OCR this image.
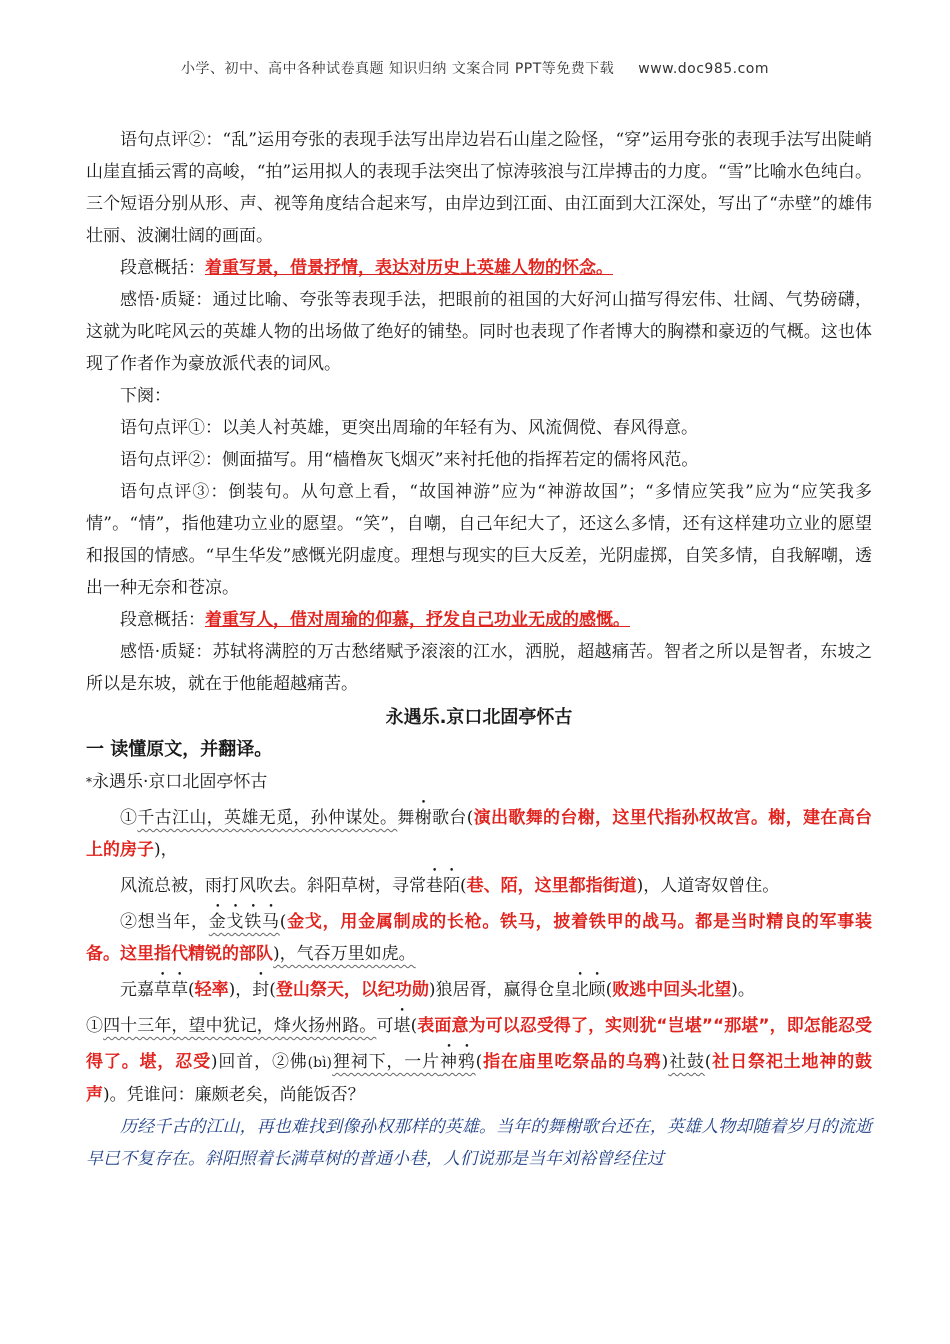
小学、初中、高中各种试卷真题 知识归纳 文案合同 PPT等免费下载 www.doc985.com

语句点评②：“乱”运用夸张的表现手法写出岸边岩石山崖之险怪，“穿”运用夸张的表现手法写出陡峭山崖直插云霄的高峻，“拍”运用拟人的表现手法突出了惊涛骇浪与江岸搏击的力度。“雪”比喻水色纯白。三个短语分别从形、声、视等角度结合起来写，由岸边到江面、由江面到大江深处，写出了“赤壁”的雄伟壮丽、波澜壮阔的画面。

段意概括：着重写景，借景抒情，表达对历史上英雄人物的怀念。

感悟·质疑：通过比喻、夸张等表现手法，把眼前的祖国的大好河山描写得宏伟、壮阔、气势磅礴，这就为叱咤风云的英雄人物的出场做了绝好的铺垫。同时也表现了作者博大的胸襟和豪迈的气概。这也体现了作者作为豪放派代表的词风。

下阕：

语句点评①：以美人衬英雄，更突出周瑜的年轻有为、风流倜傥、春风得意。

语句点评②：侧面描写。用“樯橹灰飞烟灭”来衬托他的指挥若定的儒将风范。

语句点评③：倒装句。从句意上看，“故国神游”应为“神游故国”；“多情应笑我”应为“应笑我多情”。“情”，指他建功立业的愿望。“笑”，自嘲，自己年纪大了，还这么多情，还有这样建功立业的愿望和报国的情感。“早生华发”感慨光阴虚度。理想与现实的巨大反差，光阴虚掷，自笑多情，自我解嘲，透出一种无奈和苍凉。

段意概括：着重写人，借对周瑜的仰慕，抒发自己功业无成的感慨。

感悟·质疑：苏轼将满腔的万古愁绪赋予滚滚的江水，洒脱，超越痛苦。智者之所以是智者，东坡之所以是东坡，就在于他能超越痛苦。

永遇乐.京口北固亭怀古

一 读懂原文，并翻译。

*永遇乐·京口北固亭怀古

①千古江山，英雄无觅，孙仲谋处。舞榭歌台(演出歌舞的台榭，这里代指孙权故宫。榭，建在高台上的房子)，

风流总被，雨打风吹去。斜阳草树，寻常巷陌(巷、陌，这里都指街道)，人道寄奴曾住。

②想当年，金戈铁马(金戈，用金属制成的长枪。铁马，披着铁甲的战马。都是当时精良的军事装备。这里指代精锐的部队)，气吞万里如虎。

元嘉草草(轻率)，封(登山祭天，以纪功勋)狼居胥，赢得仓皇北顾(败逃中回头北望)。

①四十三年，望中犹记，烽火扬州路。可堪(表面意为可以忍受得了，实则犹“岂堪”“那堪”，即怎能忍受得了。堪，忍受)回首，②佛(bì)狸祠下，一片神鸦(指在庙里吃祭品的乌鸦)社鼓(社日祭祀土地神的鼓声)。凭谁问：廉颇老矣，尚能饭否？

历经千古的江山，再也难找到像孙权那样的英雄。当年的舞榭歌台还在，英雄人物却随着岁月的流逝早已不复存在。斜阳照着长满草树的普通小巷，人们说那是当年刘裕曾经住过
